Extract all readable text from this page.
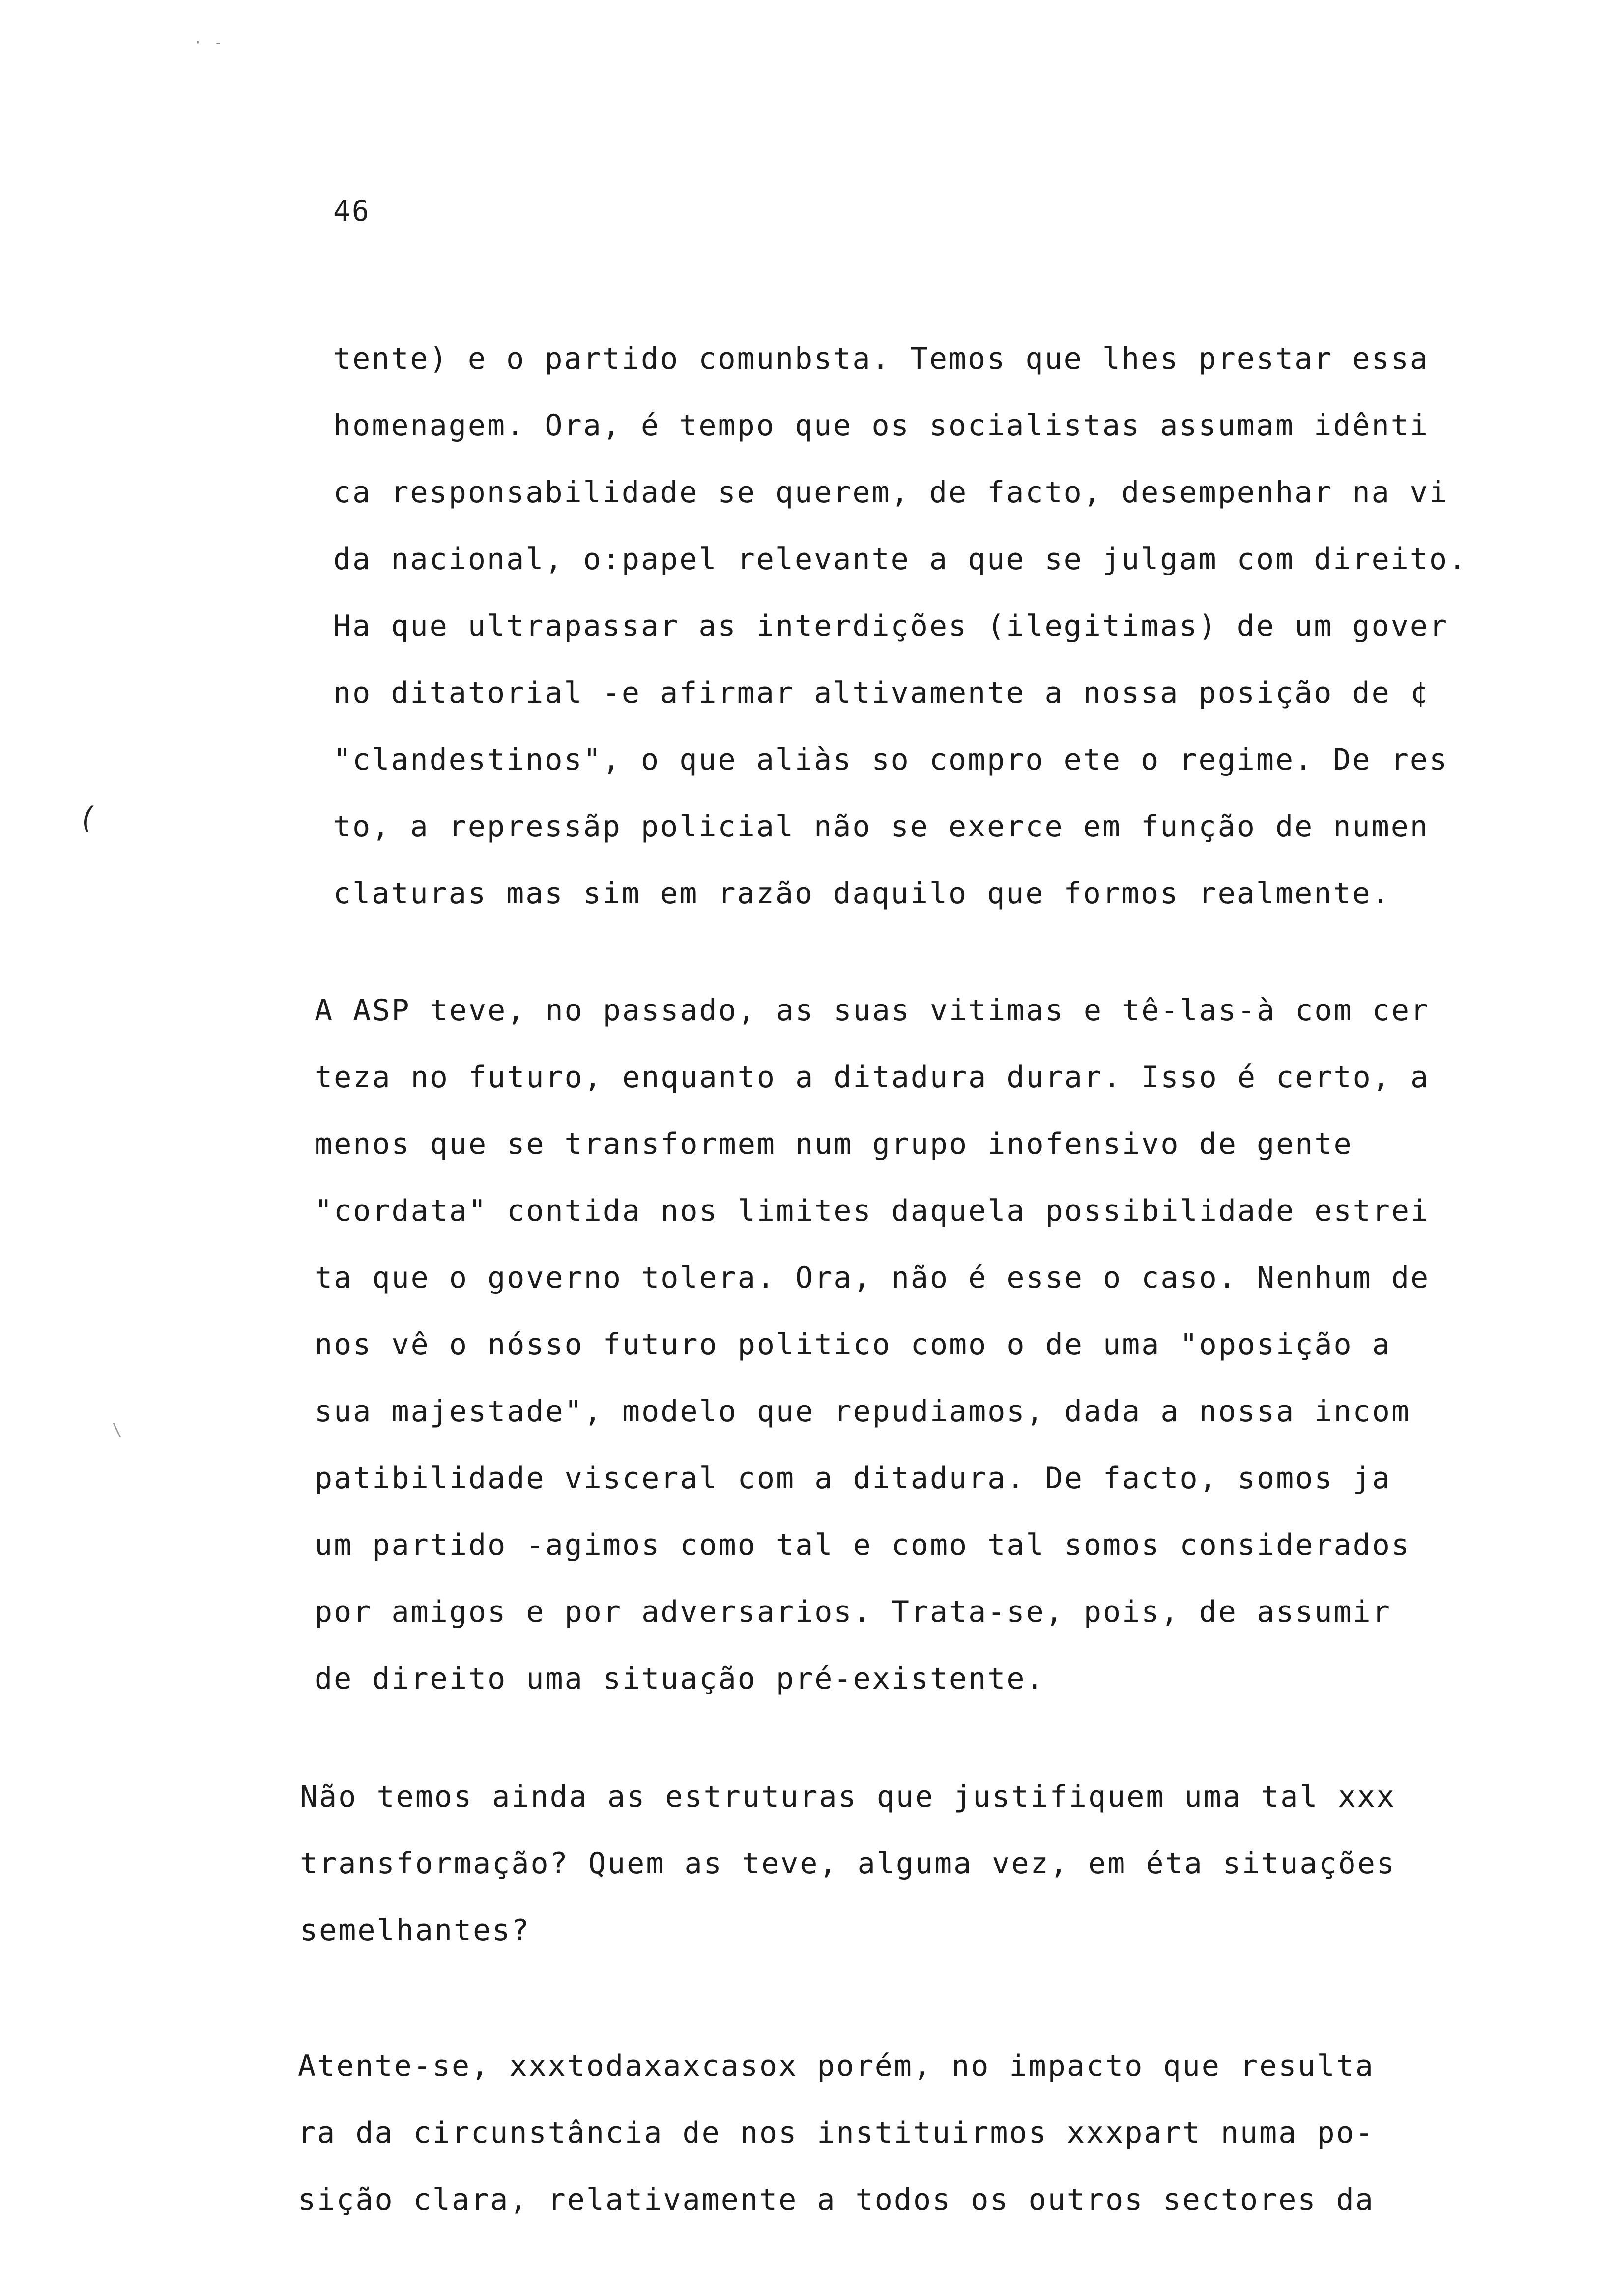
· -
46
(
\
tente) e o partido comunbsta. Temos que lhes prestar essa
homenagem. Ora, é tempo que os socialistas assumam idênti
ca responsabilidade se querem, de facto, desempenhar na vi
da nacional, o:papel relevante a que se julgam com direito.
Ha que ultrapassar as interdições (ilegitimas) de um gover
no ditatorial -e afirmar altivamente a nossa posição de ¢
"clandestinos", o que aliàs so compro ete o regime. De res
to, a repressãp policial não se exerce em função de numen
claturas mas sim em razão daquilo que formos realmente.
A ASP teve, no passado, as suas vitimas e tê-las-à com cer
teza no futuro, enquanto a ditadura durar. Isso é certo, a
menos que se transformem num grupo inofensivo de gente
"cordata" contida nos limites daquela possibilidade estrei
ta que o governo tolera. Ora, não é esse o caso. Nenhum de
nos vê o nósso futuro politico como o de uma "oposição a
sua majestade", modelo que repudiamos, dada a nossa incom
patibilidade visceral com a ditadura. De facto, somos ja
um partido -agimos como tal e como tal somos considerados
por amigos e por adversarios. Trata-se, pois, de assumir
de direito uma situação pré-existente.
Não temos ainda as estruturas que justifiquem uma tal xxx
transformação? Quem as teve, alguma vez, em éta situações
semelhantes?
Atente-se, xxxtodaxaxcasox porém, no impacto que resulta
ra da circunstância de nos instituirmos xxxpart numa po-
sição clara, relativamente a todos os outros sectores da
